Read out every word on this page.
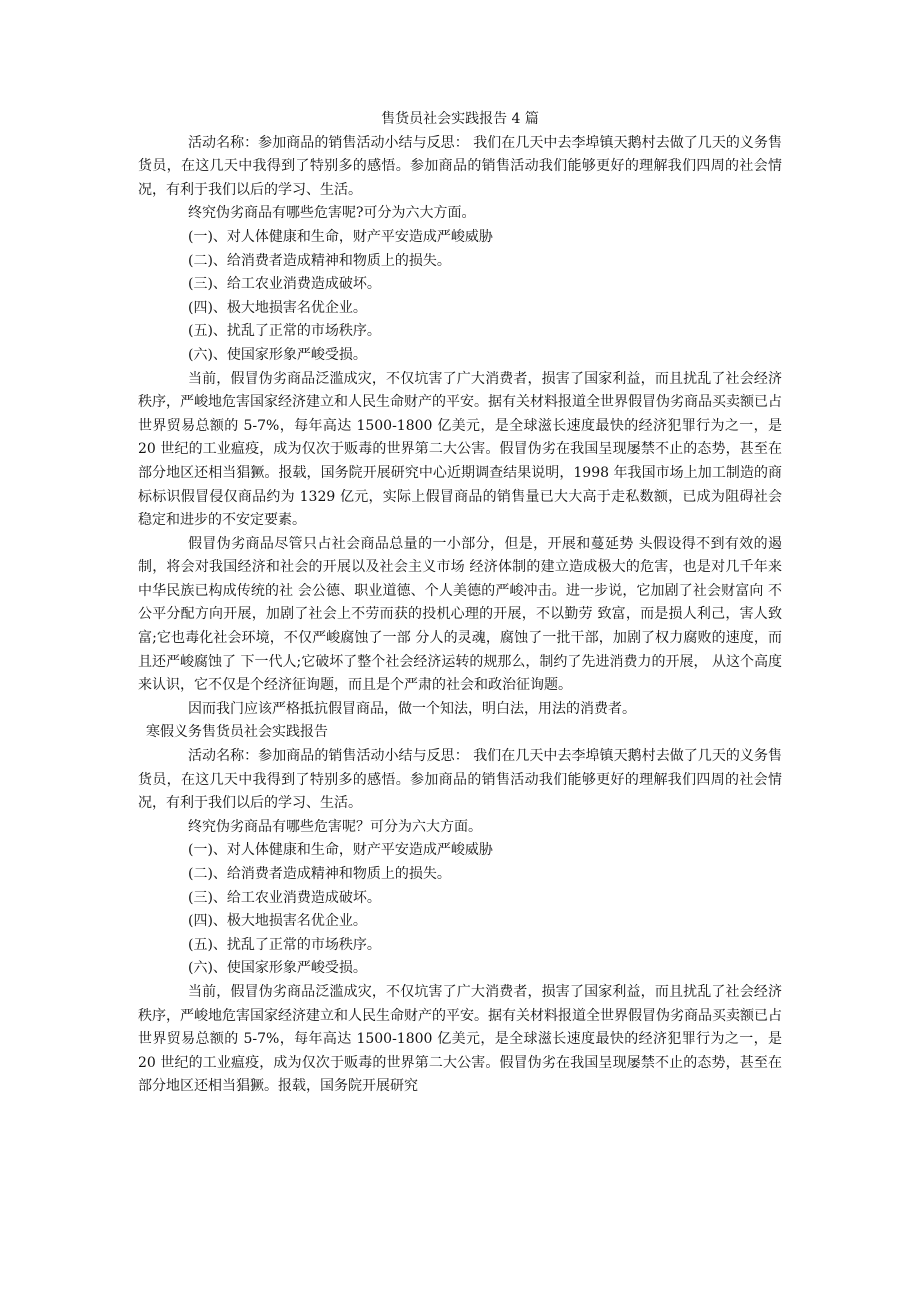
售货员社会实践报告 4 篇

活动名称：参加商品的销售活动小结与反思： 我们在几天中去李埠镇天鹅村去做了几天的义务售货员，在这几天中我得到了特别多的感悟。参加商品的销售活动我们能够更好的理解我们四周的社会情况，有利于我们以后的学习、生活。

终究伪劣商品有哪些危害呢?可分为六大方面。

(一)、对人体健康和生命，财产平安造成严峻威胁

(二)、给消费者造成精神和物质上的损失。

(三)、给工农业消费造成破坏。

(四)、极大地损害名优企业。

(五)、扰乱了正常的市场秩序。

(六)、使国家形象严峻受损。

当前，假冒伪劣商品泛滥成灾，不仅坑害了广大消费者，损害了国家利益，而且扰乱了社会经济秩序，严峻地危害国家经济建立和人民生命财产的平安。据有关材料报道全世界假冒伪劣商品买卖额已占世界贸易总额的 5-7%，每年高达 1500-1800 亿美元，是全球滋长速度最快的经济犯罪行为之一，是 20 世纪的工业瘟疫，成为仅次于贩毒的世界第二大公害。假冒伪劣在我国呈现屡禁不止的态势，甚至在部分地区还相当猖獗。报载，国务院开展研究中心近期调查结果说明，1998 年我国市场上加工制造的商标标识假冒侵仅商品约为 1329 亿元，实际上假冒商品的销售量已大大高于走私数额，已成为阻碍社会稳定和进步的不安定要素。

假冒伪劣商品尽管只占社会商品总量的一小部分，但是，开展和蔓延势 头假设得不到有效的遏制，将会对我国经济和社会的开展以及社会主义市场 经济体制的建立造成极大的危害，也是对几千年来中华民族已构成传统的社 会公德、职业道德、个人美德的严峻冲击。进一步说，它加剧了社会财富向 不公平分配方向开展，加剧了社会上不劳而获的投机心理的开展，不以勤劳 致富，而是损人利己，害人致富;它也毒化社会环境，不仅严峻腐蚀了一部 分人的灵魂，腐蚀了一批干部，加剧了权力腐败的速度，而且还严峻腐蚀了 下一代人;它破坏了整个社会经济运转的规那么，制约了先进消费力的开展， 从这个高度来认识，它不仅是个经济征询题，而且是个严肃的社会和政治征询题。

因而我门应该严格抵抗假冒商品，做一个知法，明白法，用法的消费者。

寒假义务售货员社会实践报告

活动名称：参加商品的销售活动小结与反思： 我们在几天中去李埠镇天鹅村去做了几天的义务售货员，在这几天中我得到了特别多的感悟。参加商品的销售活动我们能够更好的理解我们四周的社会情况，有利于我们以后的学习、生活。

终究伪劣商品有哪些危害呢？可分为六大方面。

(一)、对人体健康和生命，财产平安造成严峻威胁

(二)、给消费者造成精神和物质上的损失。

(三)、给工农业消费造成破坏。

(四)、极大地损害名优企业。

(五)、扰乱了正常的市场秩序。

(六)、使国家形象严峻受损。

当前，假冒伪劣商品泛滥成灾，不仅坑害了广大消费者，损害了国家利益，而且扰乱了社会经济秩序，严峻地危害国家经济建立和人民生命财产的平安。据有关材料报道全世界假冒伪劣商品买卖额已占世界贸易总额的 5-7%，每年高达 1500-1800 亿美元，是全球滋长速度最快的经济犯罪行为之一，是 20 世纪的工业瘟疫，成为仅次于贩毒的世界第二大公害。假冒伪劣在我国呈现屡禁不止的态势，甚至在部分地区还相当猖獗。报载，国务院开展研究
